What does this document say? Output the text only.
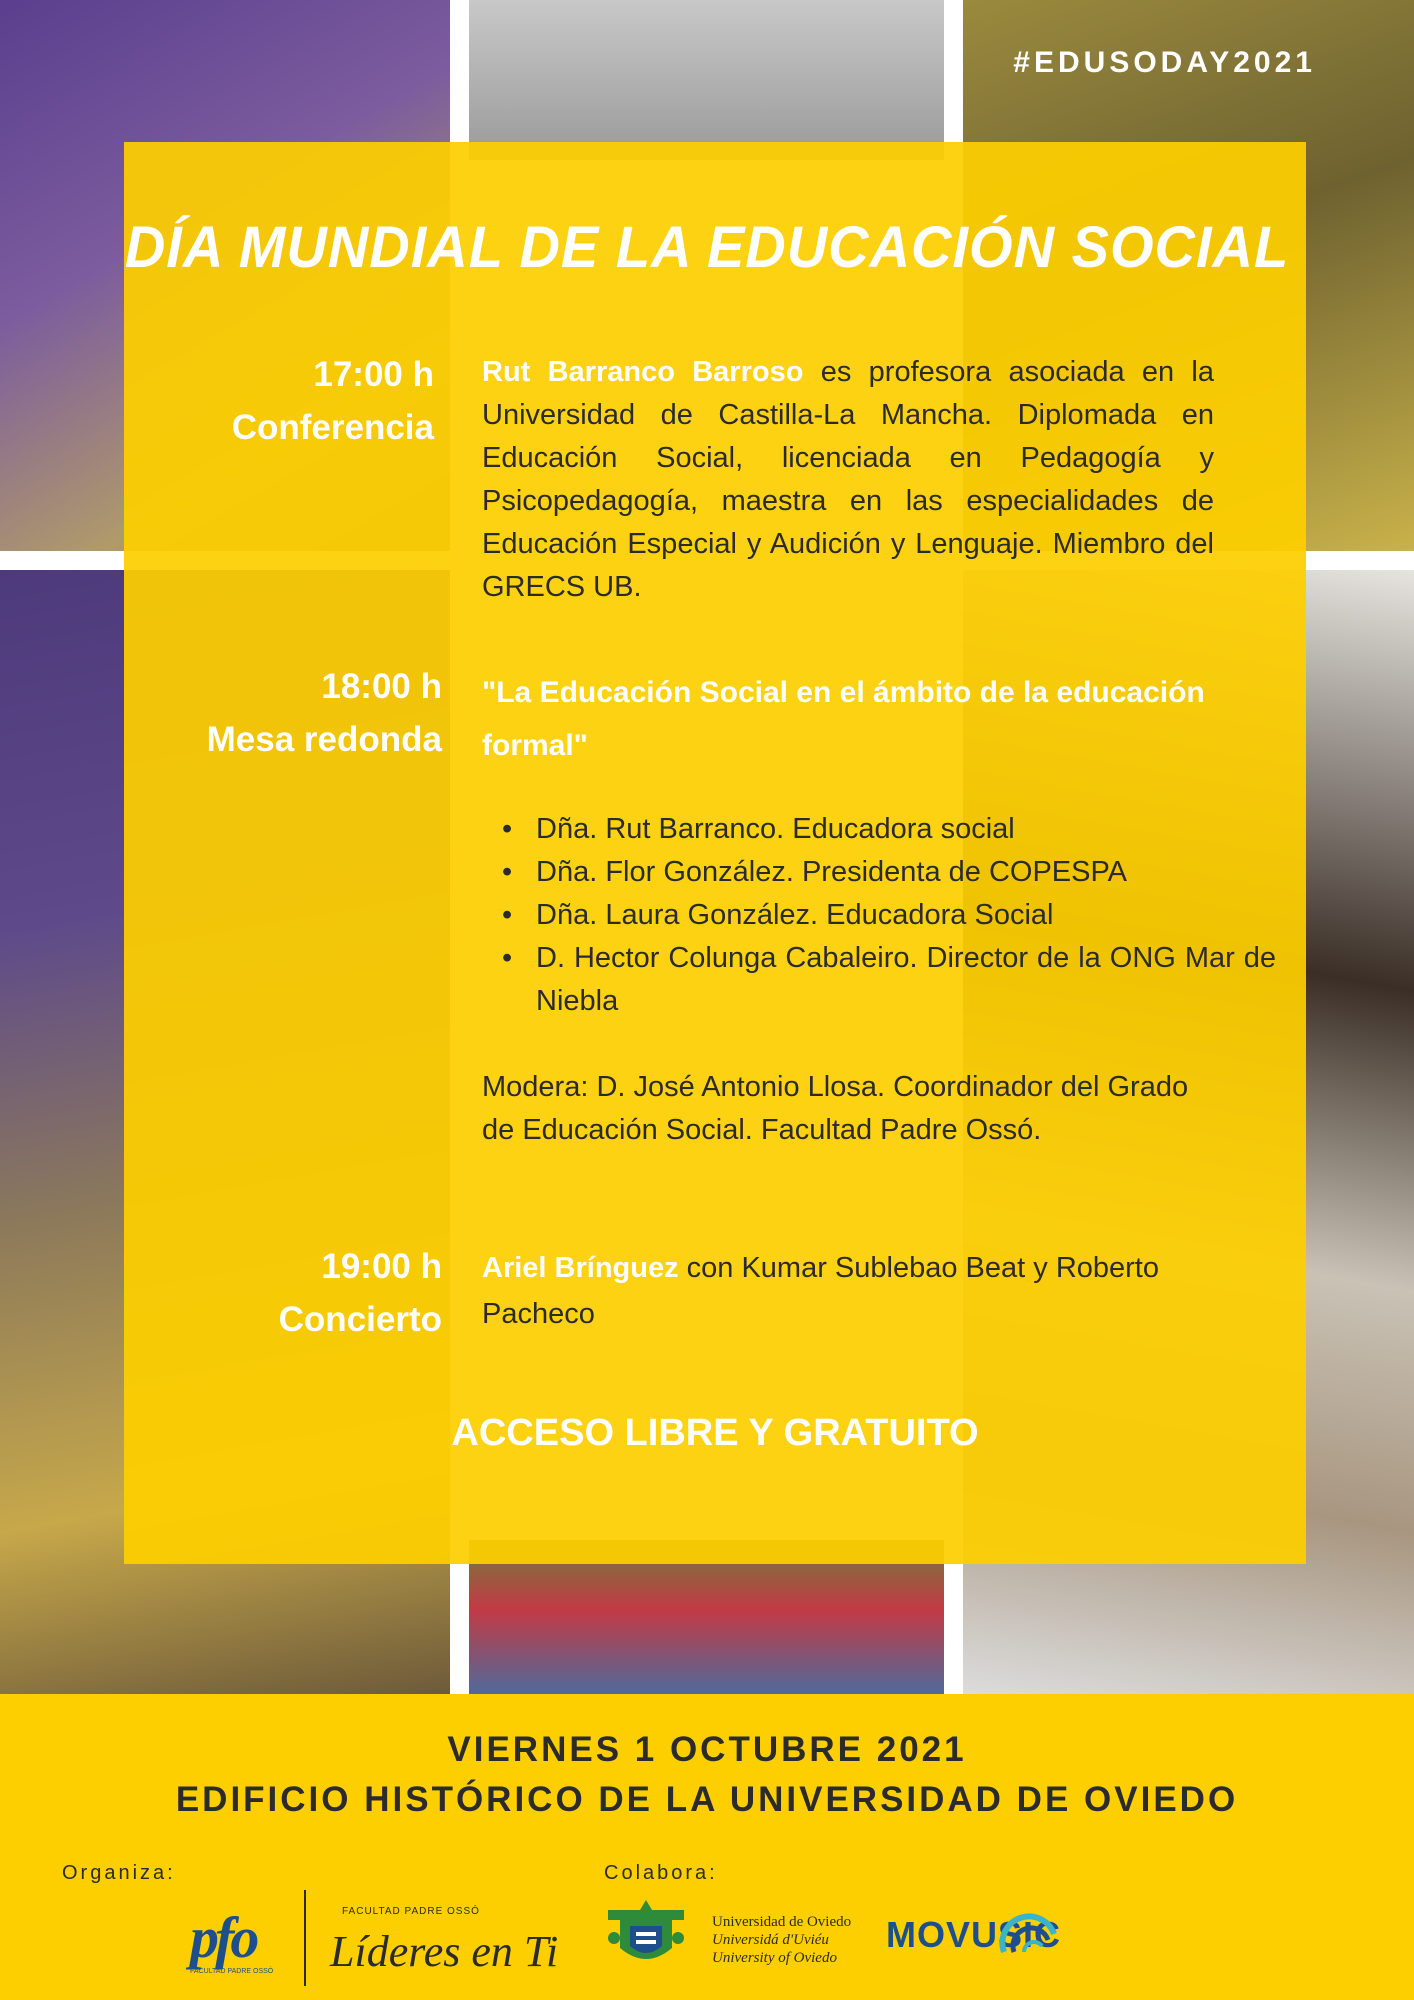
#EDUSODAY2021
DÍA MUNDIAL DE LA EDUCACIÓN SOCIAL
17:00 h
Conferencia
Rut Barranco Barroso es profesora asociada en la Universidad de Castilla-La Mancha. Diplomada en Educación Social, licenciada en Pedagogía y Psicopedagogía, maestra en las especialidades de Educación Especial y Audición y Lenguaje. Miembro del GRECS UB.
18:00 h
Mesa redonda
"La Educación Social en el ámbito de la educación formal"
• Dña. Rut Barranco. Educadora social
• Dña. Flor González. Presidenta de COPESPA
• Dña. Laura González. Educadora Social
• D. Hector Colunga Cabaleiro. Director de la ONG Mar de Niebla
Modera: D. José Antonio Llosa. Coordinador del Grado de Educación Social. Facultad Padre Ossó.
19:00 h
Concierto
Ariel Brínguez con Kumar Sublebao Beat y Roberto Pacheco
ACCESO LIBRE Y GRATUITO
VIERNES 1 OCTUBRE 2021
EDIFICIO HISTÓRICO DE LA UNIVERSIDAD DE OVIEDO
Organiza:	Colabora:
pfo
FACULTAD PADRE OSSÓ
FACULTAD PADRE OSSÓ
Líderes en Ti
Universidad de Oviedo
Universidá d'Uviéu
University of Oviedo
MOVUSIC
